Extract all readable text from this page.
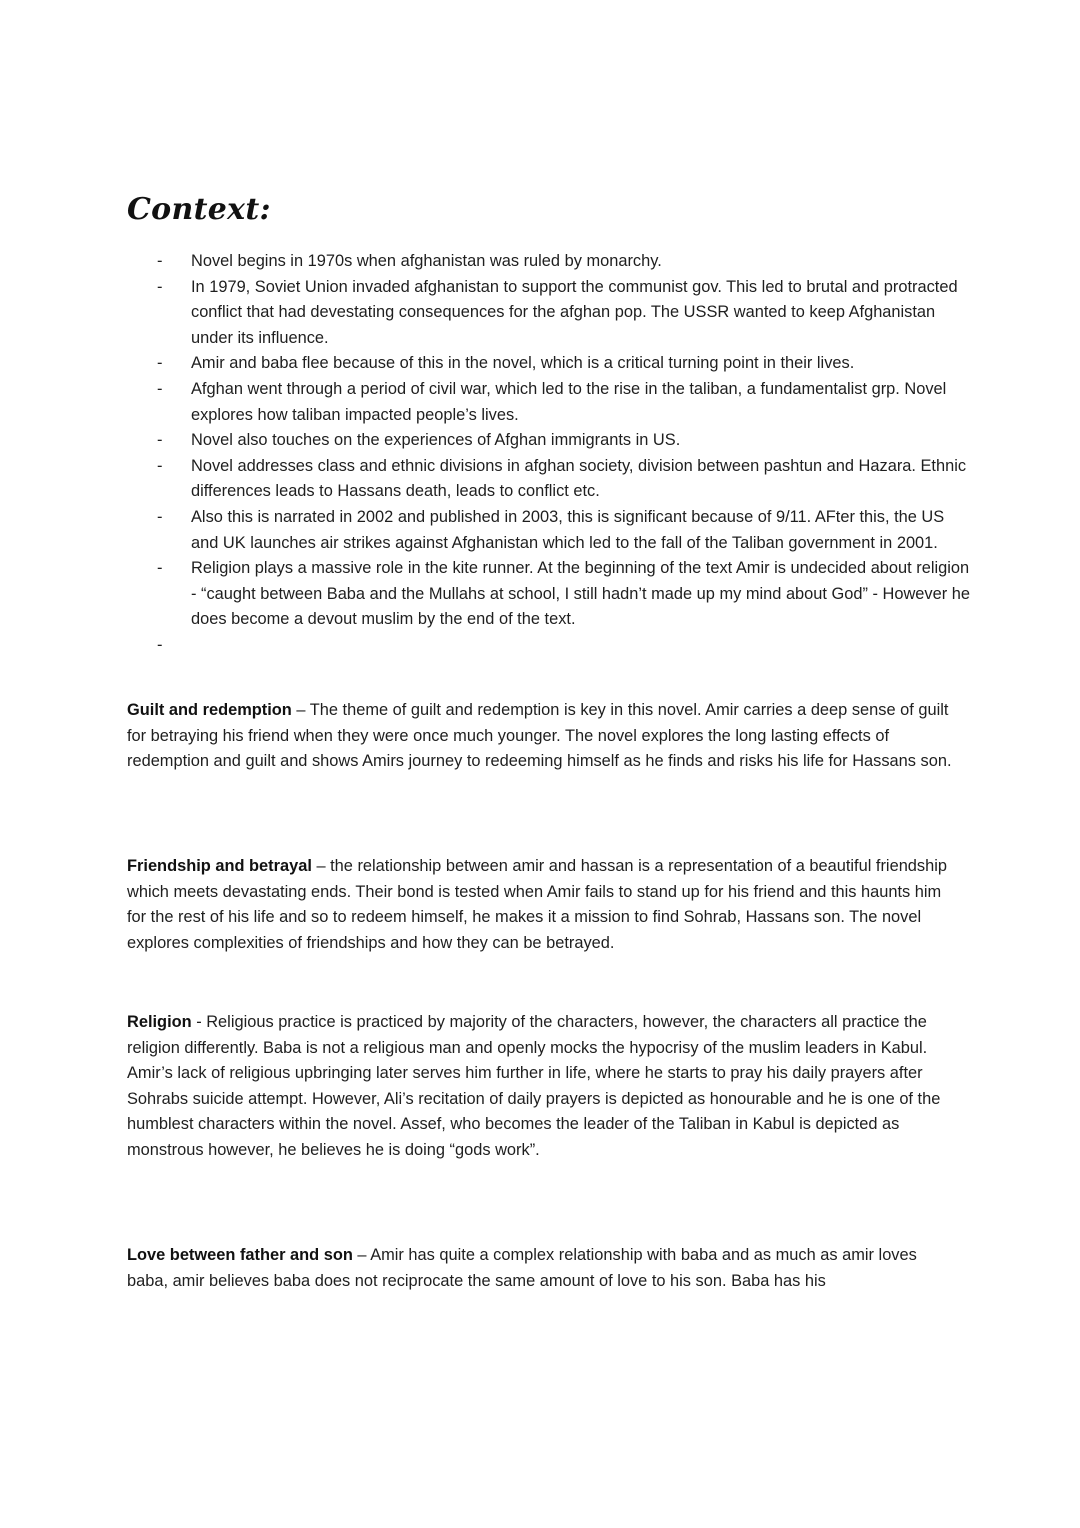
Context:
- Novel begins in 1970s when afghanistan was ruled by monarchy.
- In 1979, Soviet Union invaded afghanistan to support the communist gov. This led to brutal and protracted conflict that had devestating consequences for the afghan pop. The USSR wanted to keep Afghanistan under its influence.
- Amir and baba flee because of this in the novel, which is a critical turning point in their lives.
- Afghan went through a period of civil war, which led to the rise in the taliban, a fundamentalist grp. Novel explores how taliban impacted people’s lives.
- Novel also touches on the experiences of Afghan immigrants in US.
- Novel addresses class and ethnic divisions in afghan society, division between pashtun and Hazara. Ethnic differences leads to Hassans death, leads to conflict etc.
- Also this is narrated in 2002 and published in 2003, this is significant because of 9/11. AFter this, the US and UK launches air strikes against Afghanistan which led to the fall of the Taliban government in 2001.
- Religion plays a massive role in the kite runner. At the beginning of the text Amir is undecided about religion - “caught between Baba and the Mullahs at school, I still hadn’t made up my mind about God” - However he does become a devout muslim by the end of the text.
-

Guilt and redemption – The theme of guilt and redemption is key in this novel. Amir carries a deep sense of guilt for betraying his friend when they were once much younger. The novel explores the long lasting effects of redemption and guilt and shows Amirs journey to redeeming himself as he finds and risks his life for Hassans son.

Friendship and betrayal – the relationship between amir and hassan is a representation of a beautiful friendship which meets devastating ends. Their bond is tested when Amir fails to stand up for his friend and this haunts him for the rest of his life and so to redeem himself, he makes it a mission to find Sohrab, Hassans son. The novel explores complexities of friendships and how they can be betrayed.

Religion - Religious practice is practiced by majority of the characters, however, the characters all practice the religion differently. Baba is not a religious man and openly mocks the hypocrisy of the muslim leaders in Kabul. Amir’s lack of religious upbringing later serves him further in life, where he starts to pray his daily prayers after Sohrabs suicide attempt. However, Ali’s recitation of daily prayers is depicted as honourable and he is one of the humblest characters within the novel. Assef, who becomes the leader of the Taliban in Kabul is depicted as monstrous however, he believes he is doing “gods work”.

Love between father and son – Amir has quite a complex relationship with baba and as much as amir loves baba, amir believes baba does not reciprocate the same amount of love to his son. Baba has his
